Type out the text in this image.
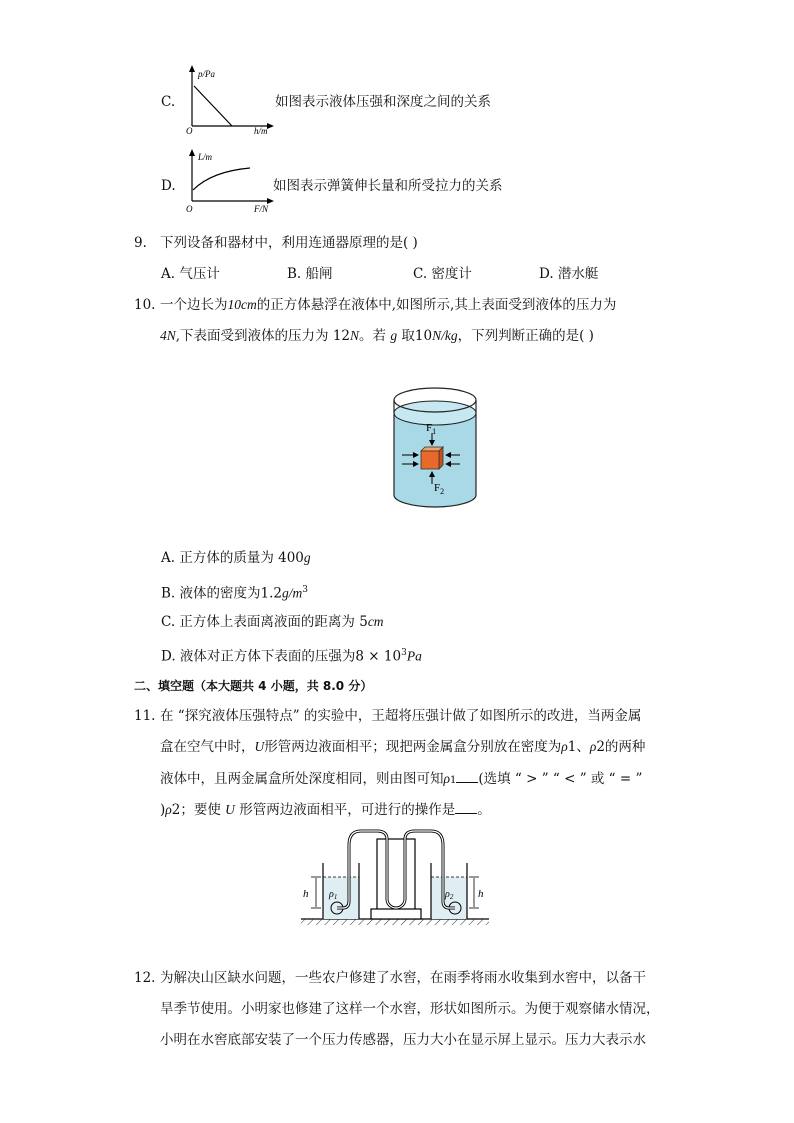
C.
p/Pa
h/m
O
如图表示液体压强和深度之间的关系
D.
L/m
F/N
O
如图表示弹簧伸长量和所受拉力的关系
9. 下列设备和器材中，利用连通器原理的是( )
A. 气压计	B. 船闸	C. 密度计	D. 潜水艇
10. 一个边长为10cm的正方体悬浮在液体中,如图所示,其上表面受到液体的压力为
4N,下表面受到液体的压力为 12N。若 g 取10N/kg，下列判断正确的是( )
$F_1$
$F_2$
A. 正方体的质量为 400g
B. 液体的密度为$1.2g/m^3$
C. 正方体上表面离液面的距离为 5cm
D. 液体对正方体下表面的压强为$8 \times 10^3Pa$
二、填空题（本大题共 4 小题，共 8.0 分）
11. 在 “探究液体压强特点” 的实验中，王超将压强计做了如图所示的改进，当两金属
盒在空气中时，U形管两边液面相平；现把两金属盒分别放在密度为ρ1、ρ2的两种
液体中，且两金属盒所处深度相同，则由图可知ρ1 (选填 “ > ” “ < ” 或 “ = ”
)ρ2；要使 U 形管两边液面相平，可进行的操作是 。
h	h
$\rho_1$	$\rho_2$
12. 为解决山区缺水问题，一些农户修建了水窖，在雨季将雨水收集到水窖中，以备干
旱季节使用。小明家也修建了这样一个水窖，形状如图所示。为便于观察储水情况，
小明在水窖底部安装了一个压力传感器，压力大小在显示屏上显示。压力大表示水
